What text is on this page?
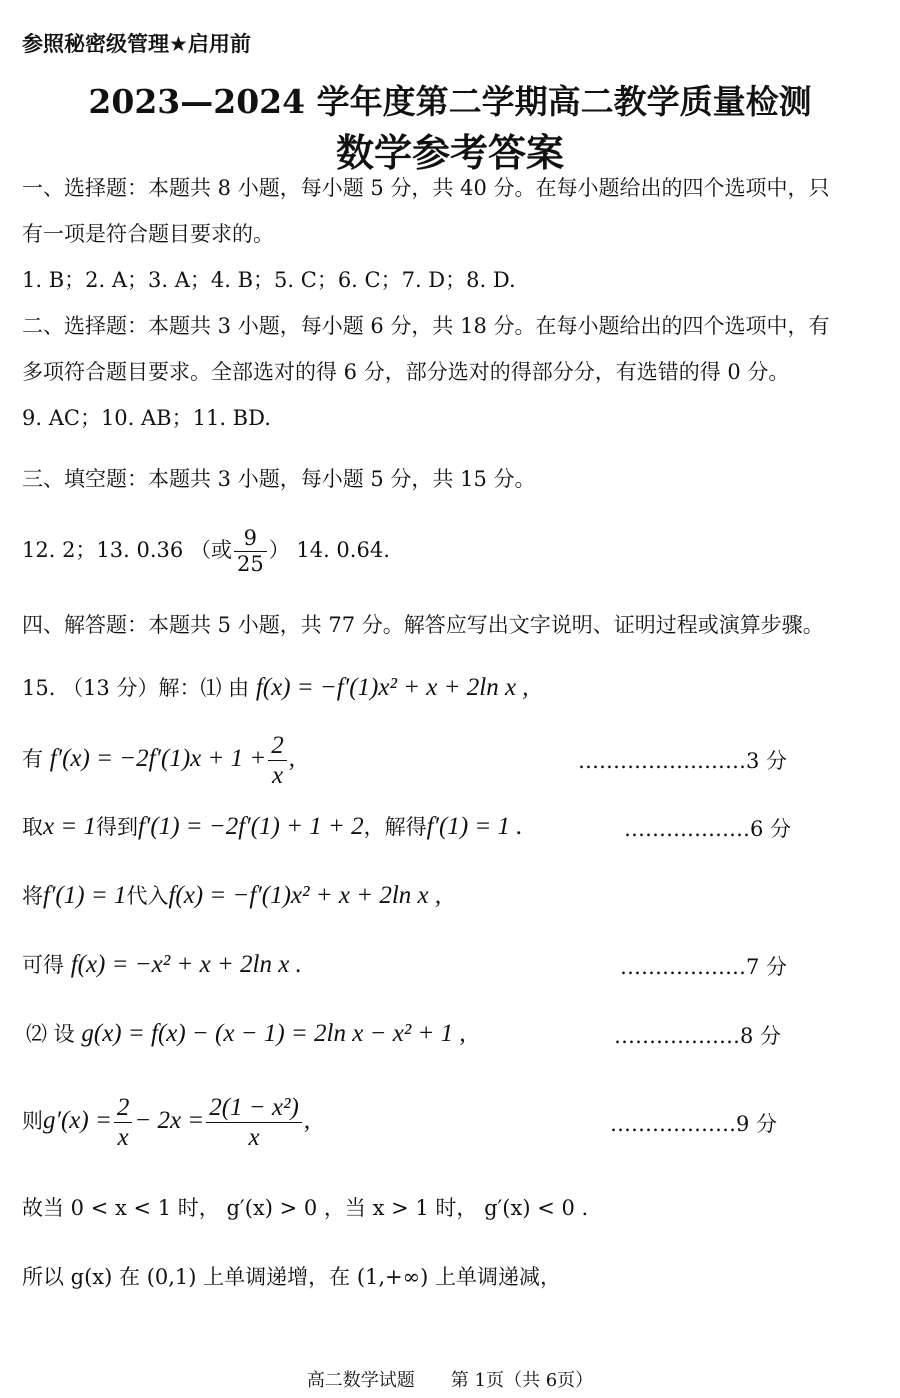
参照秘密级管理★启用前
2023—2024 学年度第二学期高二教学质量检测
数学参考答案
一、选择题：本题共 8 小题，每小题 5 分，共 40 分。在每小题给出的四个选项中，只
有一项是符合题目要求的。
1. B；2. A；3. A；4. B；5. C；6. C；7. D；8. D.
二、选择题：本题共 3 小题，每小题 6 分，共 18 分。在每小题给出的四个选项中，有
多项符合题目要求。全部选对的得 6 分，部分选对的得部分分，有选错的得 0 分。
9. AC；10. AB；11. BD.
三、填空题：本题共 3 小题，每小题 5 分，共 15 分。
12. 2；13. 0.36 （或 $\frac{9}{25}$ ） 14. 0.64.
四、解答题：本题共 5 小题，共 77 分。解答应写出文字说明、证明过程或演算步骤。
15. （13 分）解：⑴ 由 f(x) = −f′(1)x² + x + 2ln x ,
有 $f'(x) = -2f'(1)x + 1 + \frac{2}{x}$ ,	……………………3 分
取x = 1得到f′(1) = −2f′(1) + 1 + 2，解得f′(1) = 1 .	………………6 分
将f′(1) = 1代入f(x) = −f′(1)x² + x + 2ln x ,
可得 f(x) = −x² + x + 2ln x .	………………7 分
⑵ 设 g(x) = f(x) − (x − 1) = 2ln x − x² + 1 ,	………………8 分
则$g'(x) = \frac{2}{x} - 2x = \frac{\text{2(1 − x²)}}{x}$ ,	………………9 分
故当 0 < x < 1 时， g′(x) > 0 ，当 x > 1 时， g′(x) < 0 .
所以 g(x) 在 (0,1) 上单调递增，在 (1,+∞) 上单调递减，
高二数学试题　　第 1页（共 6页）
